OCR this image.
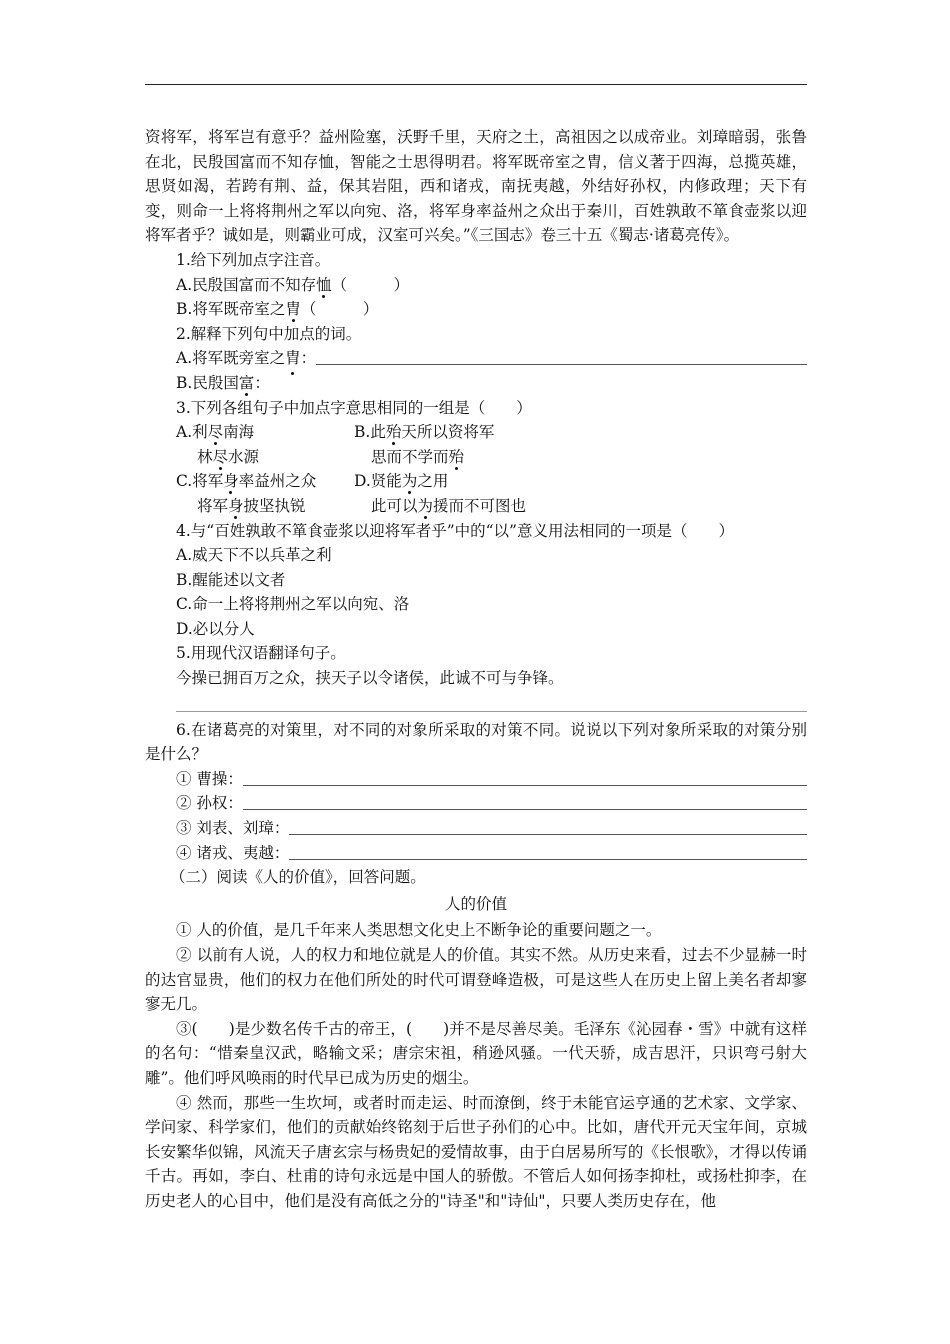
资将军，将军岂有意乎？益州险塞，沃野千里，天府之土，高祖因之以成帝业。刘璋暗弱，张鲁在北，民殷国富而不知存恤，智能之士思得明君。将军既帝室之胄，信义著于四海，总揽英雄，思贤如渴，若跨有荆、益，保其岩阻，西和诸戎，南抚夷越，外结好孙权，内修政理；天下有变，则命一上将将荆州之军以向宛、洛，将军身率益州之众出于秦川，百姓孰敢不箪食壶浆以迎将军者乎？诚如是，则霸业可成，汉室可兴矣。”《三国志》卷三十五《蜀志·诸葛亮传》。

1.给下列加点字注音。

A.民殷国富而不知存恤（　　　）

B.将军既帝室之胄（　　　）

2.解释下列句中加点的词。

A.将军既旁室之 胄 ：

B.民殷国富：

3.下列各组句子中加点字意思相同的一组是（　　）

A.利尽南海	B.此殆天所以资将军
林尽水源	思而不学而殆
C.将军身率益州之众	D.贤能为之用
将军身披坚执锐	此可以为援而不可图也

4.与“百姓孰敢不箪食壶浆以迎将军者乎”中的“以”意义用法相同的一项是（　　）

A.威天下不以兵革之利

B.醒能述以文者

C.命一上将将荆州之军以向宛、洛

D.必以分人

5.用现代汉语翻译句子。

今操已拥百万之众，挟天子以令诸侯，此诚不可与争锋。

6.在诸葛亮的对策里，对不同的对象所采取的对策不同。说说以下列对象所采取的对策分别是什么？

① 曹操：
② 孙权：
③ 刘表、刘璋：
④ 诸戎、夷越：

（二）阅读《人的价值》，回答问题。

人的价值

① 人的价值，是几千年来人类思想文化史上不断争论的重要问题之一。

② 以前有人说，人的权力和地位就是人的价值。其实不然。从历史来看，过去不少显赫一时的达官显贵，他们的权力在他们所处的时代可谓登峰造极，可是这些人在历史上留上美名者却寥寥无几。

③(　　)是少数名传千古的帝王，(　　)并不是尽善尽美。毛泽东《沁园春・雪》中就有这样的名句：“惜秦皇汉武，略输文采；唐宗宋祖，稍逊风骚。一代天骄，成吉思汗，只识弯弓射大雕”。他们呼风唤雨的时代早已成为历史的烟尘。

④ 然而，那些一生坎坷，或者时而走运、时而潦倒，终于未能官运亨通的艺术家、文学家、学问家、科学家们，他们的贡献始终铭刻于后世子孙们的心中。比如，唐代开元天宝年间，京城长安繁华似锦，风流天子唐玄宗与杨贵妃的爱情故事，由于白居易所写的《长恨歌》，才得以传诵千古。再如，李白、杜甫的诗句永远是中国人的骄傲。不管后人如何扬李抑杜，或扬杜抑李，在历史老人的心目中，他们是没有高低之分的"诗圣"和"诗仙"，只要人类历史存在，他
